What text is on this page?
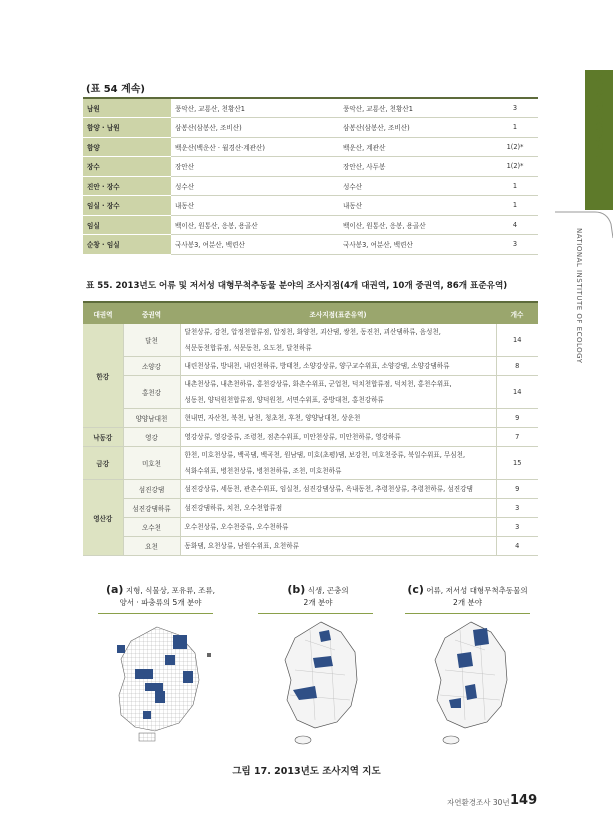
(표 54 계속)
남원	풍악산, 교룡산, 천황산1	풍악산, 교룡산, 천황산1	3
함양 · 남원	삼봉산(삼봉산, 조비산)	삼봉산(삼봉산, 조비산)	1
함양	백운산(백운산 · 월경산·계관산)	백운산, 계관산	1(2)*
장수	장안산	장안산, 사두봉	1(2)*
진안 · 장수	성수산	성수산	1
임실 · 장수	내동산	내동산	1
임실	백이산, 원통산, 응봉, 용골산	백이산, 원통산, 응봉, 용골산	4
순창 · 임실	국사봉3, 여분산, 백련산	국사봉3, 여분산, 백련산	3
표 55. 2013년도 어류 및 저서성 대형무척추동물 분야의 조사지점(4개 대권역, 10개 중권역, 86개 표준유역)
대권역	중권역	조사지점(표준유역)	개수
한강	달천	달천상류, 감천, 압정천합류점, 압정천, 화양천, 괴산댐, 쌍천, 동진천, 괴산댐하류, 음성천,
석문동천합류점, 석문동천, 요도천, 달천하류	14
	소양강	내린천상류, 방내천, 내린천하류, 방태천, 소양강상류, 양구교수위표, 소양강댐, 소양강댐하류	8
	홍천강	내촌천상류, 내촌천하류, 홍천강상류, 화촌수위표, 군업천, 덕치천합류점, 덕치천, 홍천수위표,
성동천, 양덕원천합류점, 양덕원천, 서면수위표, 중방대천, 홍천강하류	14
	양양남대천	현내면, 자산천, 북천, 남천, 청초천, 후천, 양양남대천, 상운천	9
낙동강	영강	영강상류, 영강중류, 조령천, 점촌수위표, 미안천상류, 미안천하류, 영강하류	7
금강	미호천	한천, 미호천상류, 백곡댐, 백곡천, 원남댐, 미호(초평)댐, 보강천, 미호천중류, 북일수위표, 무심천,
석화수위표, 병천천상류, 병천천하류, 조천, 미호천하류	15
영산강	섬진강댐	섬진강상류, 세동천, 관촌수위표, 임실천, 섬진강댐상류, 옥내동천, 추령천상류, 추령천하류, 섬진강댐	9
	섬진강댐하류	섬진강댐하류, 치천, 오수천합류점	3
	오수천	오수천상류, 오수천중류, 오수천하류	3
	요천	동화댐, 요천상류, 남원수위표, 요천하류	4
제1장 전국자연환경조사
NATIONAL INSTITUTE OF ECOLOGY
(a) 지형, 식물상, 포유류, 조류,
양서 · 파충류의 5개 분야
(b) 식생, 곤충의
2개 분야
(c) 어류, 저서성 대형무척추동물의
2개 분야
그림 17. 2013년도 조사지역 지도
자연환경조사 30년 149
